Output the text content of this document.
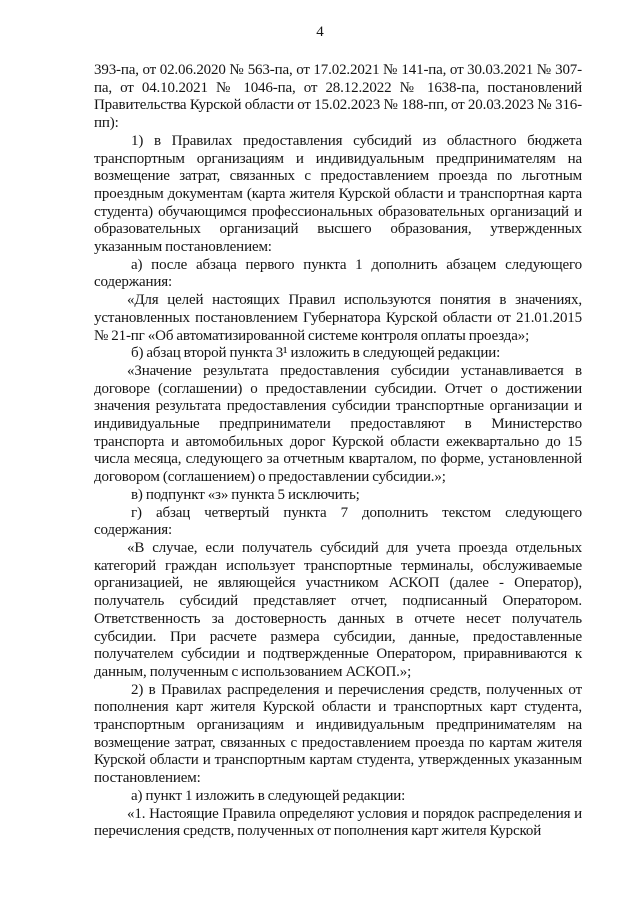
4

393-па, от 02.06.2020 № 563-па, от 17.02.2021 № 141-па, от 30.03.2021 № 307-па, от 04.10.2021 № 1046-па, от 28.12.2022 № 1638-па, постановлений Правительства Курской области от 15.02.2023 № 188-пп, от 20.03.2023 № 316-пп):

1) в Правилах предоставления субсидий из областного бюджета транспортным организациям и индивидуальным предпринимателям на возмещение затрат, связанных с предоставлением проезда по льготным проездным документам (карта жителя Курской области и транспортная карта студента) обучающимся профессиональных образовательных организаций и образовательных организаций высшего образования, утвержденных указанным постановлением:

а) после абзаца первого пункта 1 дополнить абзацем следующего содержания:

«Для целей настоящих Правил используются понятия в значениях, установленных постановлением Губернатора Курской области от 21.01.2015 № 21-пг «Об автоматизированной системе контроля оплаты проезда»;

б) абзац второй пункта 3¹ изложить в следующей редакции:

«Значение результата предоставления субсидии устанавливается в договоре (соглашении) о предоставлении субсидии. Отчет о достижении значения результата предоставления субсидии транспортные организации и индивидуальные предприниматели предоставляют в Министерство транспорта и автомобильных дорог Курской области ежеквартально до 15 числа месяца, следующего за отчетным кварталом, по форме, установленной договором (соглашением) о предоставлении субсидии.»;

в) подпункт «з» пункта 5 исключить;

г) абзац четвертый пункта 7 дополнить текстом следующего содержания:

«В случае, если получатель субсидий для учета проезда отдельных категорий граждан использует транспортные терминалы, обслуживаемые организацией, не являющейся участником АСКОП (далее - Оператор), получатель субсидий представляет отчет, подписанный Оператором. Ответственность за достоверность данных в отчете несет получатель субсидии. При расчете размера субсидии, данные, предоставленные получателем субсидии и подтвержденные Оператором, приравниваются к данным, полученным с использованием АСКОП.»;

2) в Правилах распределения и перечисления средств, полученных от пополнения карт жителя Курской области и транспортных карт студента, транспортным организациям и индивидуальным предпринимателям на возмещение затрат, связанных с предоставлением проезда по картам жителя Курской области и транспортным картам студента, утвержденных указанным постановлением:

а) пункт 1 изложить в следующей редакции:

«1. Настоящие Правила определяют условия и порядок распределения и перечисления средств, полученных от пополнения карт жителя Курской
